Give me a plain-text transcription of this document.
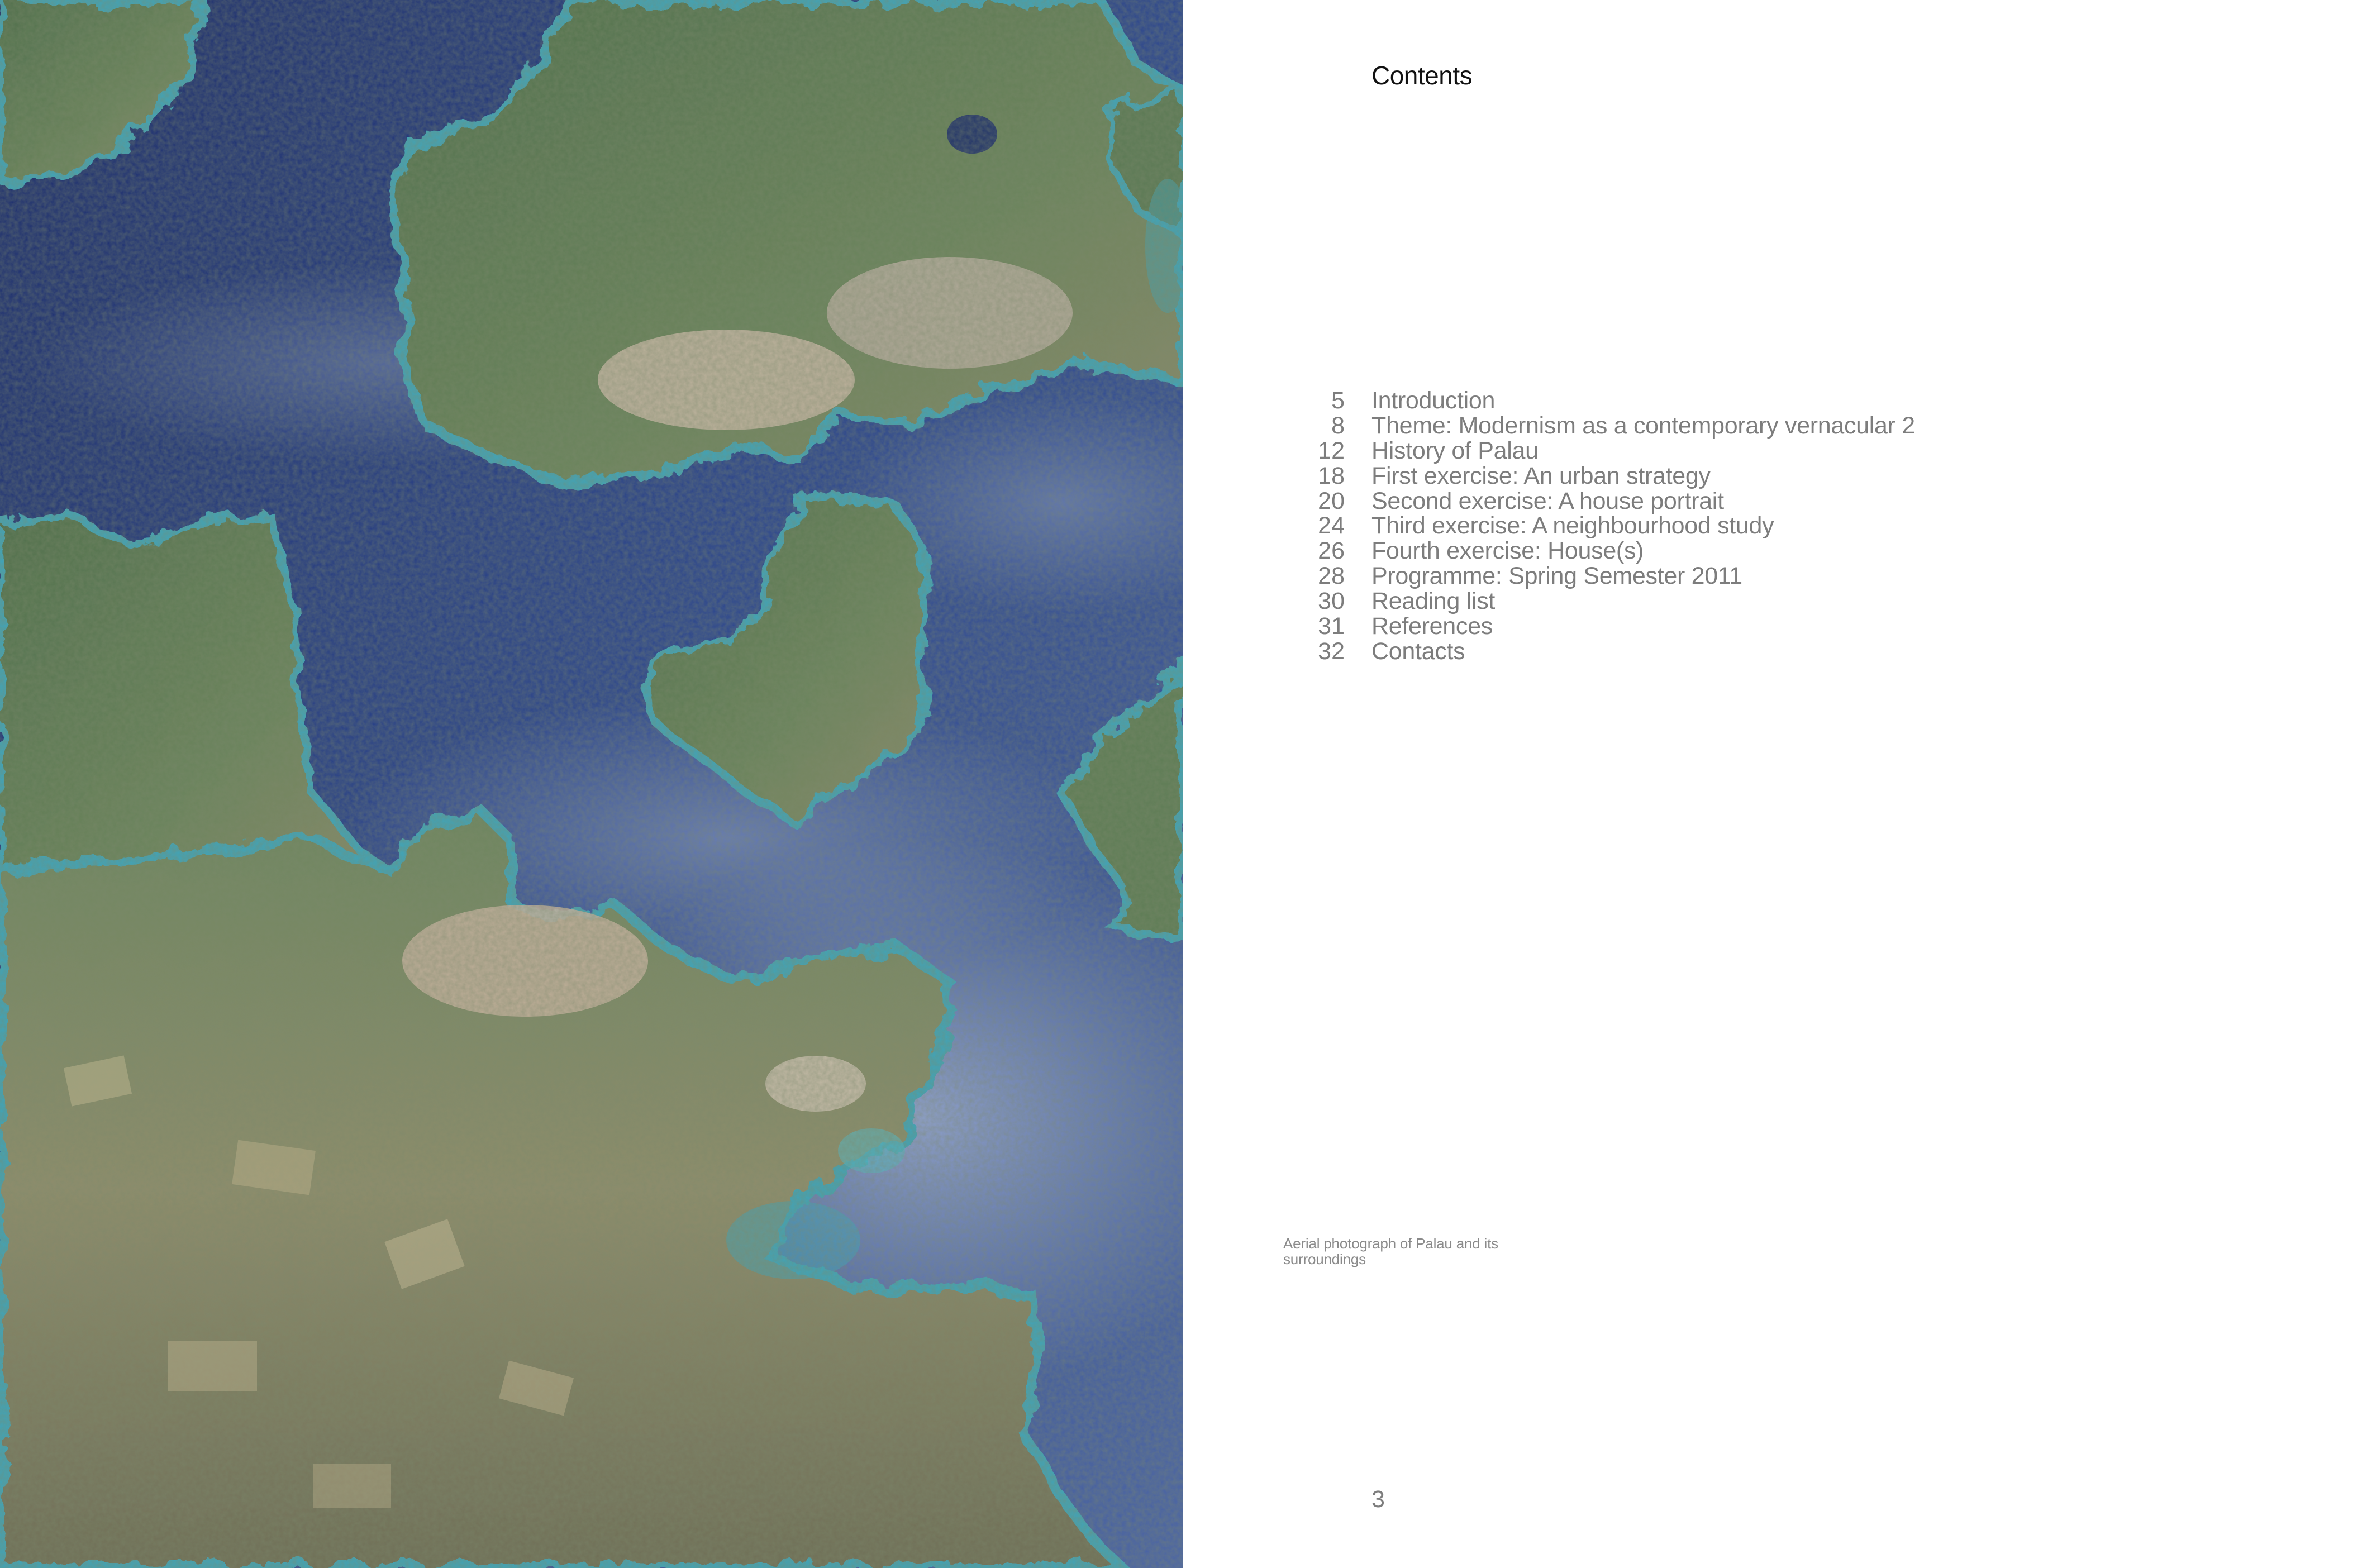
Contents
5 Introduction
8 Theme: Modernism as a contemporary vernacular 2
12 History of Palau
18 First exercise: An urban strategy
20 Second exercise: A house portrait
24 Third exercise: A neighbourhood study
26 Fourth exercise: House(s)
28 Programme: Spring Semester 2011
30 Reading list
31 References
32 Contacts
Aerial photograph of Palau and its surroundings
3
